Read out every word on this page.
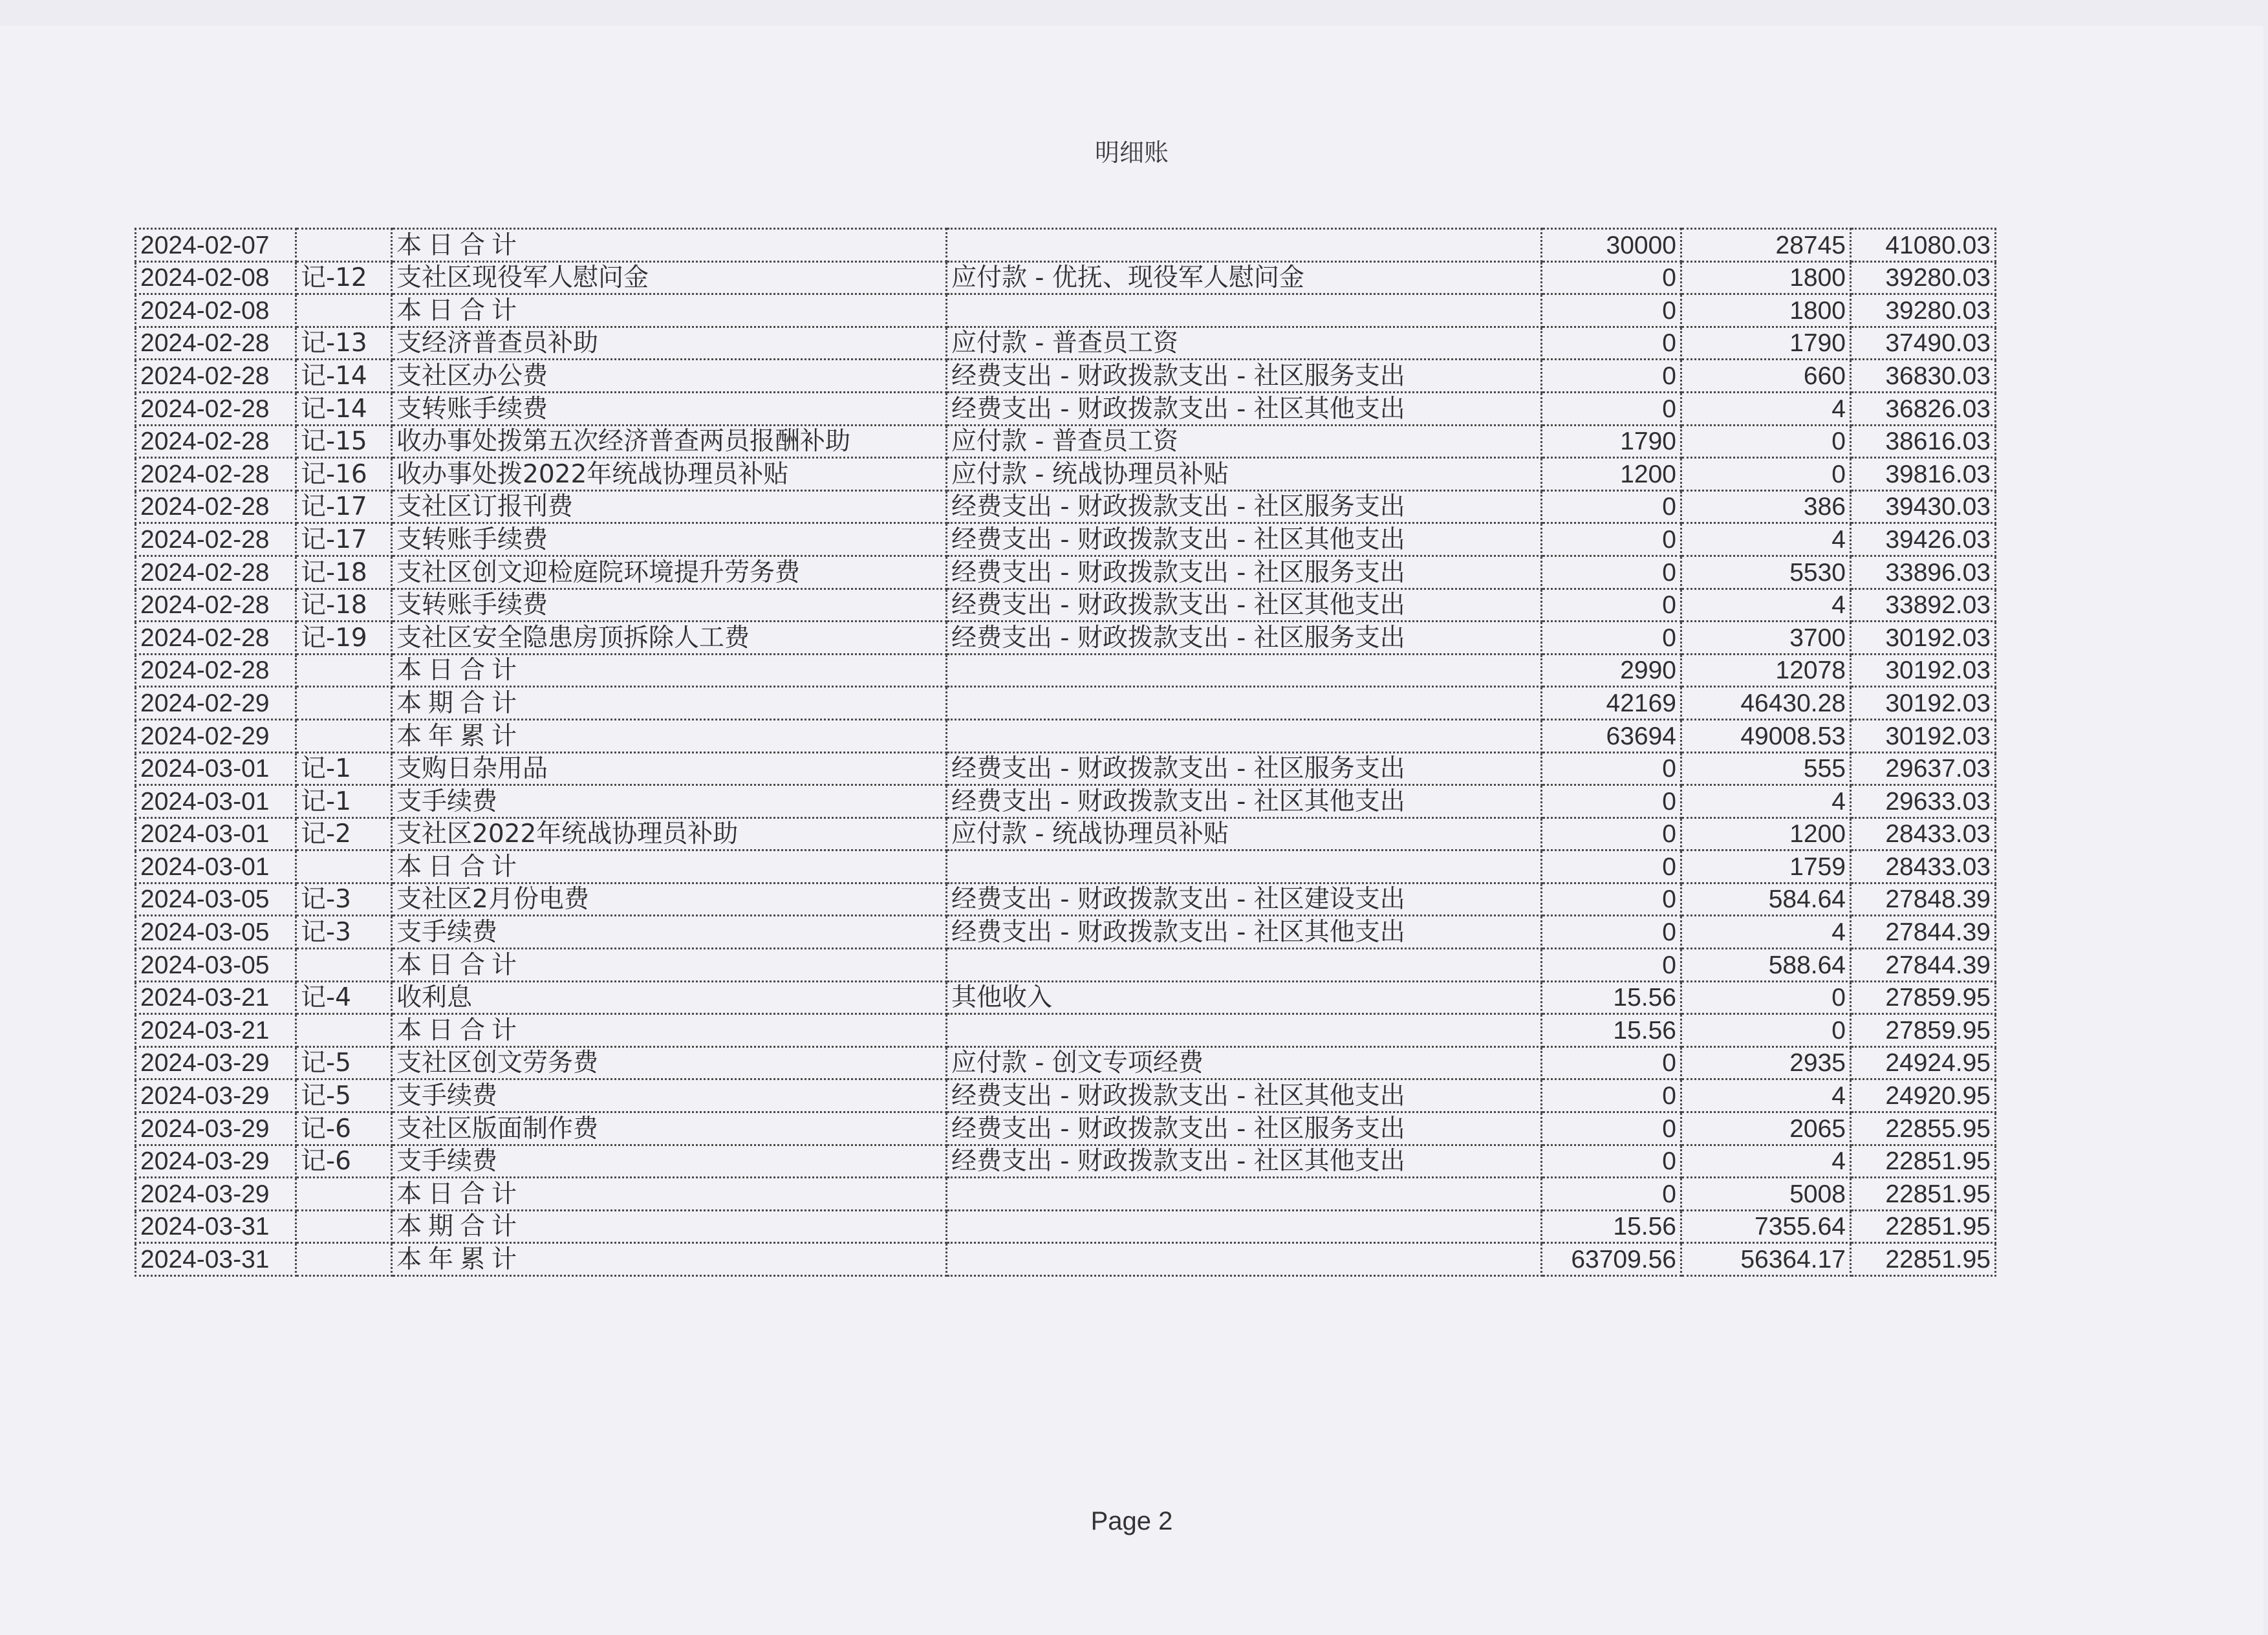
明细账
2024-02-07		本日合计		30000	28745	41080.03
2024-02-08	记-12	支社区现役军人慰问金	应付款 - 优抚、现役军人慰问金	0	1800	39280.03
2024-02-08		本日合计		0	1800	39280.03
2024-02-28	记-13	支经济普查员补助	应付款 - 普查员工资	0	1790	37490.03
2024-02-28	记-14	支社区办公费	经费支出 - 财政拨款支出 - 社区服务支出	0	660	36830.03
2024-02-28	记-14	支转账手续费	经费支出 - 财政拨款支出 - 社区其他支出	0	4	36826.03
2024-02-28	记-15	收办事处拨第五次经济普查两员报酬补助	应付款 - 普查员工资	1790	0	38616.03
2024-02-28	记-16	收办事处拨2022年统战协理员补贴	应付款 - 统战协理员补贴	1200	0	39816.03
2024-02-28	记-17	支社区订报刊费	经费支出 - 财政拨款支出 - 社区服务支出	0	386	39430.03
2024-02-28	记-17	支转账手续费	经费支出 - 财政拨款支出 - 社区其他支出	0	4	39426.03
2024-02-28	记-18	支社区创文迎检庭院环境提升劳务费	经费支出 - 财政拨款支出 - 社区服务支出	0	5530	33896.03
2024-02-28	记-18	支转账手续费	经费支出 - 财政拨款支出 - 社区其他支出	0	4	33892.03
2024-02-28	记-19	支社区安全隐患房顶拆除人工费	经费支出 - 财政拨款支出 - 社区服务支出	0	3700	30192.03
2024-02-28		本日合计		2990	12078	30192.03
2024-02-29		本期合计		42169	46430.28	30192.03
2024-02-29		本年累计		63694	49008.53	30192.03
2024-03-01	记-1	支购日杂用品	经费支出 - 财政拨款支出 - 社区服务支出	0	555	29637.03
2024-03-01	记-1	支手续费	经费支出 - 财政拨款支出 - 社区其他支出	0	4	29633.03
2024-03-01	记-2	支社区2022年统战协理员补助	应付款 - 统战协理员补贴	0	1200	28433.03
2024-03-01		本日合计		0	1759	28433.03
2024-03-05	记-3	支社区2月份电费	经费支出 - 财政拨款支出 - 社区建设支出	0	584.64	27848.39
2024-03-05	记-3	支手续费	经费支出 - 财政拨款支出 - 社区其他支出	0	4	27844.39
2024-03-05		本日合计		0	588.64	27844.39
2024-03-21	记-4	收利息	其他收入	15.56	0	27859.95
2024-03-21		本日合计		15.56	0	27859.95
2024-03-29	记-5	支社区创文劳务费	应付款 - 创文专项经费	0	2935	24924.95
2024-03-29	记-5	支手续费	经费支出 - 财政拨款支出 - 社区其他支出	0	4	24920.95
2024-03-29	记-6	支社区版面制作费	经费支出 - 财政拨款支出 - 社区服务支出	0	2065	22855.95
2024-03-29	记-6	支手续费	经费支出 - 财政拨款支出 - 社区其他支出	0	4	22851.95
2024-03-29		本日合计		0	5008	22851.95
2024-03-31		本期合计		15.56	7355.64	22851.95
2024-03-31		本年累计		63709.56	56364.17	22851.95
Page 2
